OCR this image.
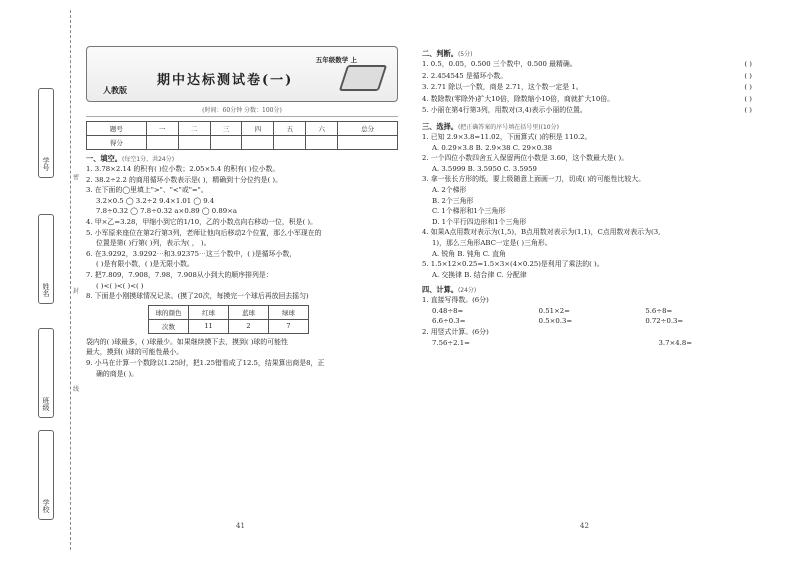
学号
姓名
班级
学校
密
封
线
五年级数学 上
期中达标测试卷(一)
人教版
(时间：60分钟 分数：100分)
题号	一	二	三	四	五	六	总分
得分							
一、填空。(每空1分，共24分)
1. 3.78×2.14 的积有( )位小数；2.05×5.4 的积有( )位小数。
2. 38.2÷2.2 的商用循环小数表示是( )，精确到十分位约是( )。
3. 在下面的◯里填上">"、"<"或"="。
3.2×0.5 ◯ 3.2÷2 9.4×1.01 ◯ 9.4
7.8÷0.32 ◯ 7.8÷0.32 a×0.89 ◯ 0.89×a
4. 甲×乙=3.28，甲缩小到它的1/10，乙的小数点向右移动一位，积是( )。
5. 小军原来座位在第2行第3列，老师让他向后移动2个位置，那么小军现在的
位置是第( )行第( )列，表示为( ， )。
6. 在3.9292，3.9292⋯和3.92375⋯这三个数中，( )是循环小数，
( )是有限小数，( )是无限小数。
7. 把7.809，7.908，7.98，7.908从小到大的顺序排列是：
( )<( )<( )<( )
8. 下面是小刚摸球情况记录。(摸了20次，每摸完一个球后再放回去摇匀)
球的颜色	红球	蓝球	绿球
次数	11	2	7
袋内的( )球最多，( )球最少。如果继续摸下去，摸到( )球的可能性
最大，摸到( )球的可能性最小。
9. 小马在计算一个数除以1.25时，把1.25错看成了12.5，结果算出商是8，正
确的商是( )。
二、判断。(5分)
1. 0.5，0.05，0.500 三个数中，0.500 最精确。	( )
2. 2.454545 是循环小数。	( )
3. 2.71 除以一个数，商是 2.71，这个数一定是 1。	( )
4. 数除数(零除外)扩大10倍，除数缩小10倍，商就扩大10倍。	( )
5. 小丽在第4行第3列，用数对(3,4)表示小丽的位置。	( )
三、选择。(把正确答案的序号填在括号里)(10分)
1. 已知 2.9×3.8=11.02，下面算式( )的积是 110.2。
A. 0.29×3.8 B. 2.9×38 C. 29×0.38
2. 一个四位小数四舍五入保留两位小数是 3.60，这个数最大是( )。
A. 3.5999 B. 3.5950 C. 3.5959
3. 拿一张长方形的纸，要上级随意上面画一刀，切成( )的可能性比较大。
A. 2个梯形
B. 2个三角形
C. 1个梯形和1个三角形
D. 1个平行四边形和1个三角形
4. 如果A点用数对表示为(1,5)，B点用数对表示为(1,1)，C点用数对表示为(3,
1)，那么三角形ABC一定是( )三角形。
A. 锐角 B. 钝角 C. 直角
5. 1.5×12×0.25=1.5×3×(4×0.25)是利用了乘法的( )。
A. 交换律 B. 结合律 C. 分配律
四、计算。(24分)
1. 直接写得数。(6分)
0.48÷8=	0.51×2=	5.6÷8=
6.6÷0.3=	0.5×0.3=	0.72÷0.3=
2. 用竖式计算。(6分)
7.56÷2.1=	3.7×4.8=
41	42
